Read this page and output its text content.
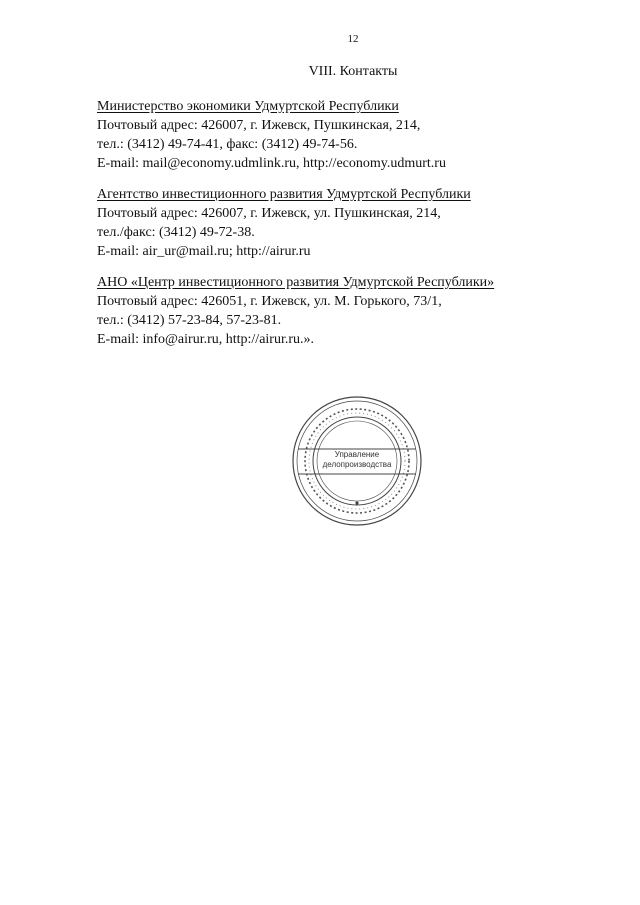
12
VIII. Контакты
Министерство экономики Удмуртской Республики
Почтовый адрес: 426007, г. Ижевск, Пушкинская, 214,
тел.: (3412) 49-74-41, факс: (3412) 49-74-56.
E-mail: mail@economy.udmlink.ru, http://economy.udmurt.ru
Агентство инвестиционного развития Удмуртской Республики
Почтовый адрес: 426007, г. Ижевск, ул. Пушкинская, 214,
тел./факс: (3412) 49-72-38.
E-mail: air_ur@mail.ru; http://airur.ru
АНО «Центр инвестиционного развития Удмуртской Республики»
Почтовый адрес: 426051, г. Ижевск, ул. М. Горького, 73/1,
тел.: (3412) 57-23-84, 57-23-81.
E-mail: info@airur.ru, http://airur.ru.».
Управление
делопроизводства
